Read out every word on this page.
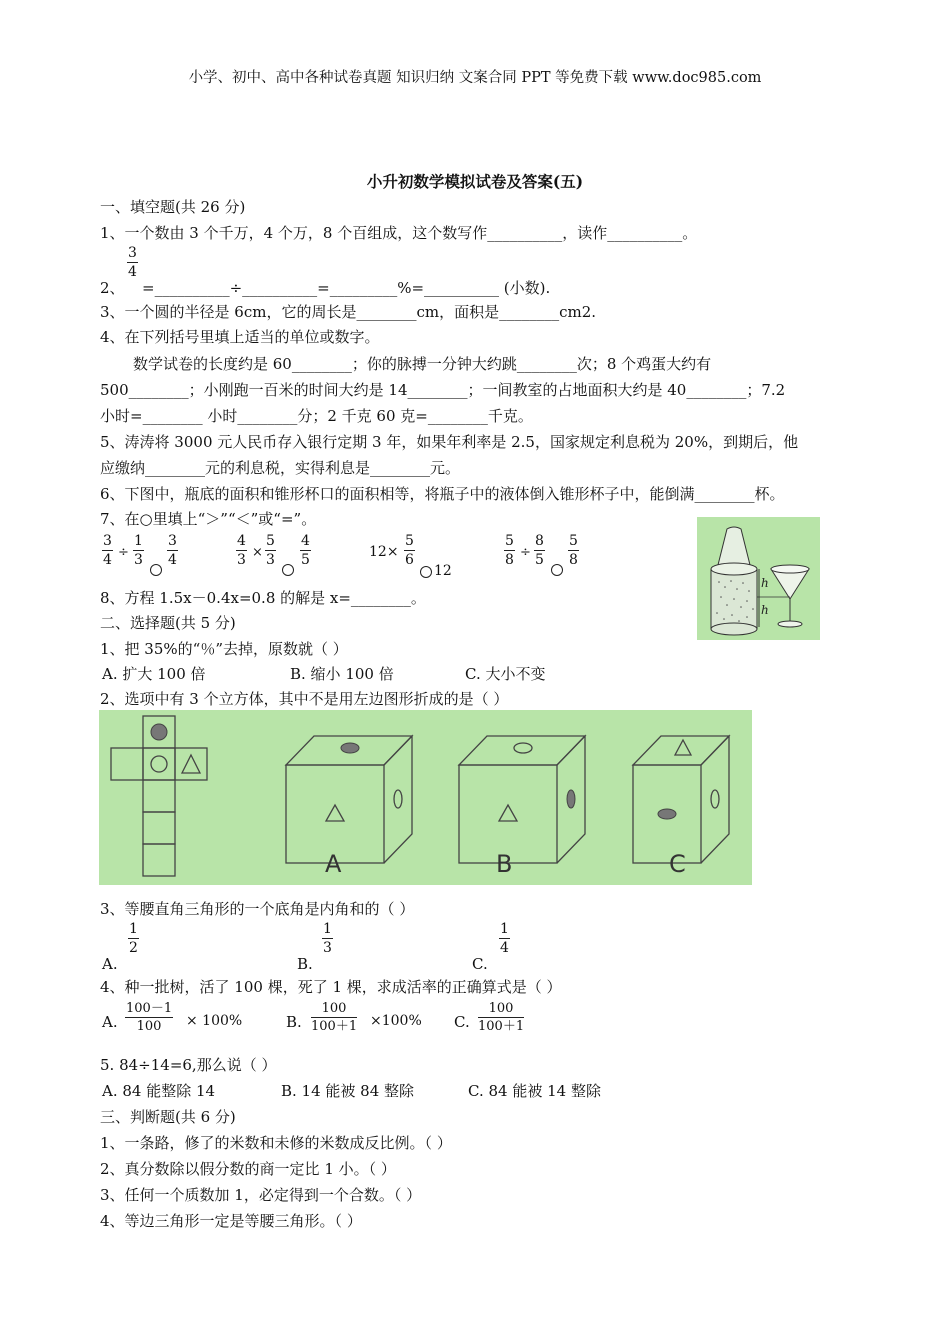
小学、初中、高中各种试卷真题 知识归纳 文案合同 PPT 等免费下载 www.doc985.com
小升初数学模拟试卷及答案(五)
一、填空题(共 26 分)
1、一个数由 3 个千万，4 个万，8 个百组成，这个数写作__________，读作__________。
2、
3
4
=__________÷__________=_________%=__________ (小数).
3、一个圆的半径是 6cm，它的周长是________cm，面积是________cm2.
4、在下列括号里填上适当的单位或数字。
数学试卷的长度约是 60________；你的脉搏一分钟大约跳________次；8 个鸡蛋大约有
500________；小刚跑一百米的时间大约是 14________；一间教室的占地面积大约是 40________；7.2
小时=________ 小时________分；2 千克 60 克=________千克。
5、涛涛将 3000 元人民币存入银行定期 3 年，如果年利率是 2.5，国家规定利息税为 20%，到期后，他
应缴纳________元的利息税，实得利息是________元。
6、下图中，瓶底的面积和锥形杯口的面积相等，将瓶子中的液体倒入锥形杯子中，能倒满________杯。
7、在○里填上“＞”“＜”或“=”。
3
4 ÷
1
3
3
4
4
3 ×
5
3
4
5	12×
5
6
12
5
8 ÷
8
5
5
8
h
h
8、方程 1.5x－0.4x=0.8 的解是 x=________。
二、选择题(共 5 分)
1、把 35%的“％”去掉，原数就（ ）
A. 扩大 100 倍	B. 缩小 100 倍	C. 大小不变
2、选项中有 3 个立方体，其中不是用左边图形折成的是（ ）
A	B	C
3、等腰直角三角形的一个底角是内角和的（ ）
A.
1
2
B.
1
3
C.
1
4
4、种一批树，活了 100 棵，死了 1 棵，求成活率的正确算式是（ ）
A.
100－1
100	× 100%	B.
100
100＋1 ×100% C.
100
100＋1
5. 84÷14=6,那么说（ ）
A. 84 能整除 14	B. 14 能被 84 整除	C. 84 能被 14 整除
三、判断题(共 6 分)
1、一条路，修了的米数和未修的米数成反比例。（ ）
2、真分数除以假分数的商一定比 1 小。（ ）
3、任何一个质数加 1，必定得到一个合数。（ ）
4、等边三角形一定是等腰三角形。（ ）
